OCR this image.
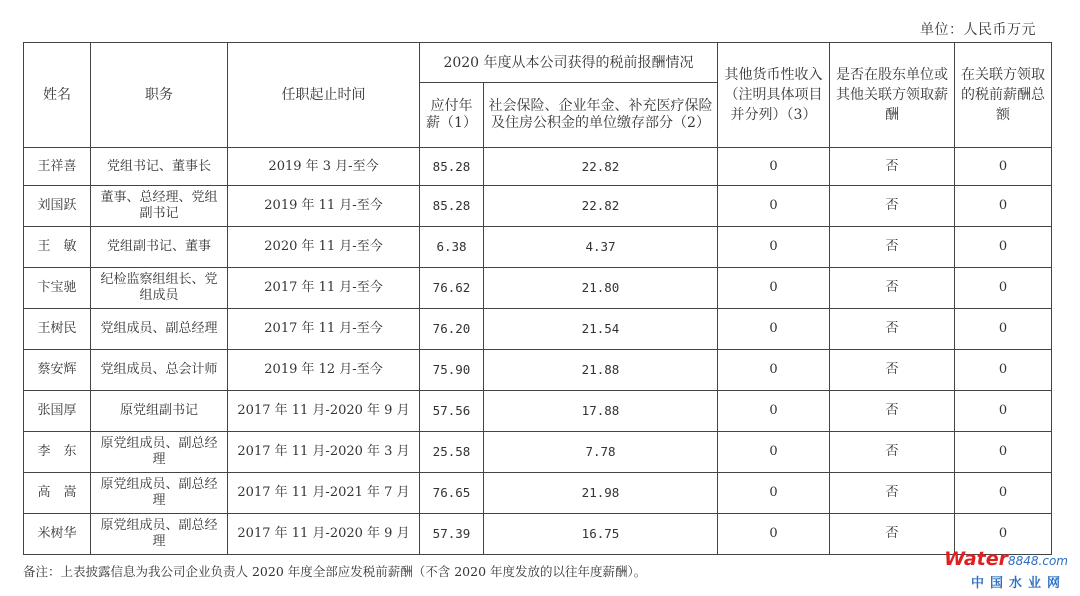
单位：人民币万元
姓名	职务	任职起止时间	2020 年度从本公司获得的税前报酬情况		其他货币性收入（注明具体项目并分列）（3）	是否在股东单位或其他关联方领取薪酬	在关联方领取的税前薪酬总额
			应付年薪（1）	社会保险、企业年金、补充医疗保险及住房公积金的单位缴存部分（2）			
王祥喜	党组书记、董事长	2019 年 3 月-至今	85.28	22.82	0	否	0
刘国跃	董事、总经理、党组副书记	2019 年 11 月-至今	85.28	22.82	0	否	0
王　敏	党组副书记、董事	2020 年 11 月-至今	6.38	4.37	0	否	0
卞宝驰	纪检监察组组长、党组成员	2017 年 11 月-至今	76.62	21.80	0	否	0
王树民	党组成员、副总经理	2017 年 11 月-至今	76.20	21.54	0	否	0
蔡安辉	党组成员、总会计师	2019 年 12 月-至今	75.90	21.88	0	否	0
张国厚	原党组副书记	2017 年 11 月-2020 年 9 月	57.56	17.88	0	否	0
李　东	原党组成员、副总经理	2017 年 11 月-2020 年 3 月	25.58	7.78	0	否	0
高　嵩	原党组成员、副总经理	2017 年 11 月-2021 年 7 月	76.65	21.98	0	否	0
米树华	原党组成员、副总经理	2017 年 11 月-2020 年 9 月	57.39	16.75	0	否	0
备注：上表披露信息为我公司企业负责人 2020 年度全部应发税前薪酬（不含 2020 年度发放的以往年度薪酬）。
Water8848.com
中国水业网
